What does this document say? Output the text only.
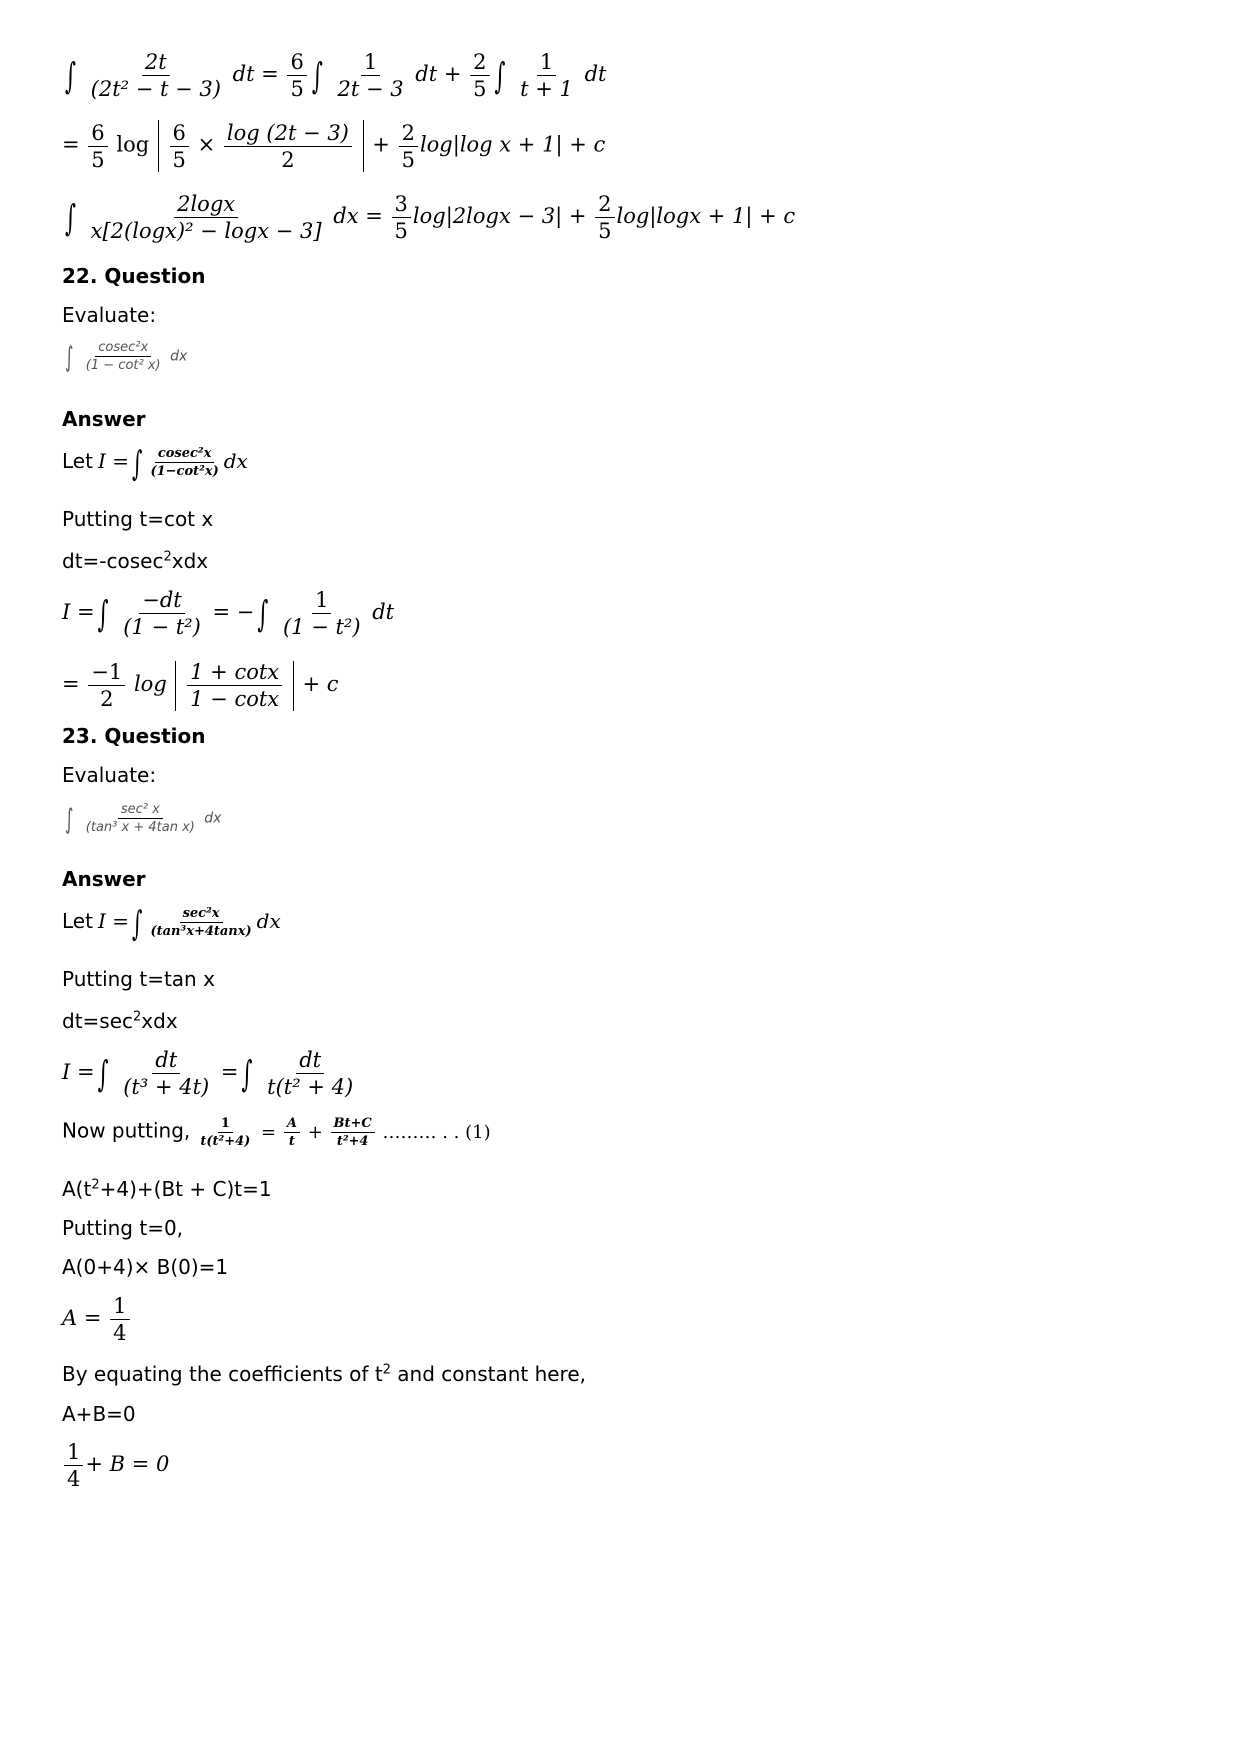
∫ $\frac{2t}{\text{(2t² − t − 3)}}$ dt = $\frac{6}{5}$ ∫ $\frac{1}{2t - 3}$ dt + $\frac{2}{5}$ ∫ $\frac{1}{t + 1}$ dt
= $\frac{6}{5}$ $\log \frac{6}{5} \times \frac{\log (2t - 3)}{2} + \frac{2}{5} \log|\log$ x + 1| + c
∫ $\frac{2\log x}{\text{x[2(logx)² − logx − 3]}}$ dx = $\frac{3}{5} \log|2\log x - 3| + \frac{2}{5} \log|\log x + 1| + c$
22. Question
Evaluate:
∫ $\frac{\text{cosec²x}}{\text{(1 − cot² x)}}$ dx
Answer
Let I = ∫ $\frac{\text{cosec²x}}{\text{(1−cot²x)}}$ dx
Putting t=cot x
dt=-cosec$^2$xdx
I = ∫ $\frac{-dt}{\text{(1 − t²)}}$ = − ∫ $\frac{1}{\text{(1 − t²)}}$ dt
= $\frac{-1}{2}$ $\log \frac{1 + \cot x}{1 - \cot x} + c$
23. Question
Evaluate:
∫ $\frac{\text{sec² x}}{\text{(tan³ x + 4tan x)}}$ dx
Answer
Let I = ∫ $\frac{\text{sec²x}}{\text{(tan³x+4tanx)}}$ dx
Putting t=tan x
$dt=\sec^2xdx$
I = ∫ $\frac{dt}{\text{(t³ + 4t)}}$ = ∫ $\frac{dt}{\text{t(t² + 4)}}$
Now putting, $\frac{1}{\text{t(t²+4)}} = \frac{A}{t} + \frac{Bt+C}{\text{t²+4}}$ ……… . . (1)
$A(t^2+4)+(Bt + C)t=1$
Putting t=0,
A(0+4)× B(0)=1
$A = \frac{1}{4}$
By equating the coefficients of $t^2$ and constant here,
A+B=0
$\frac{1}{4} + B = 0$
